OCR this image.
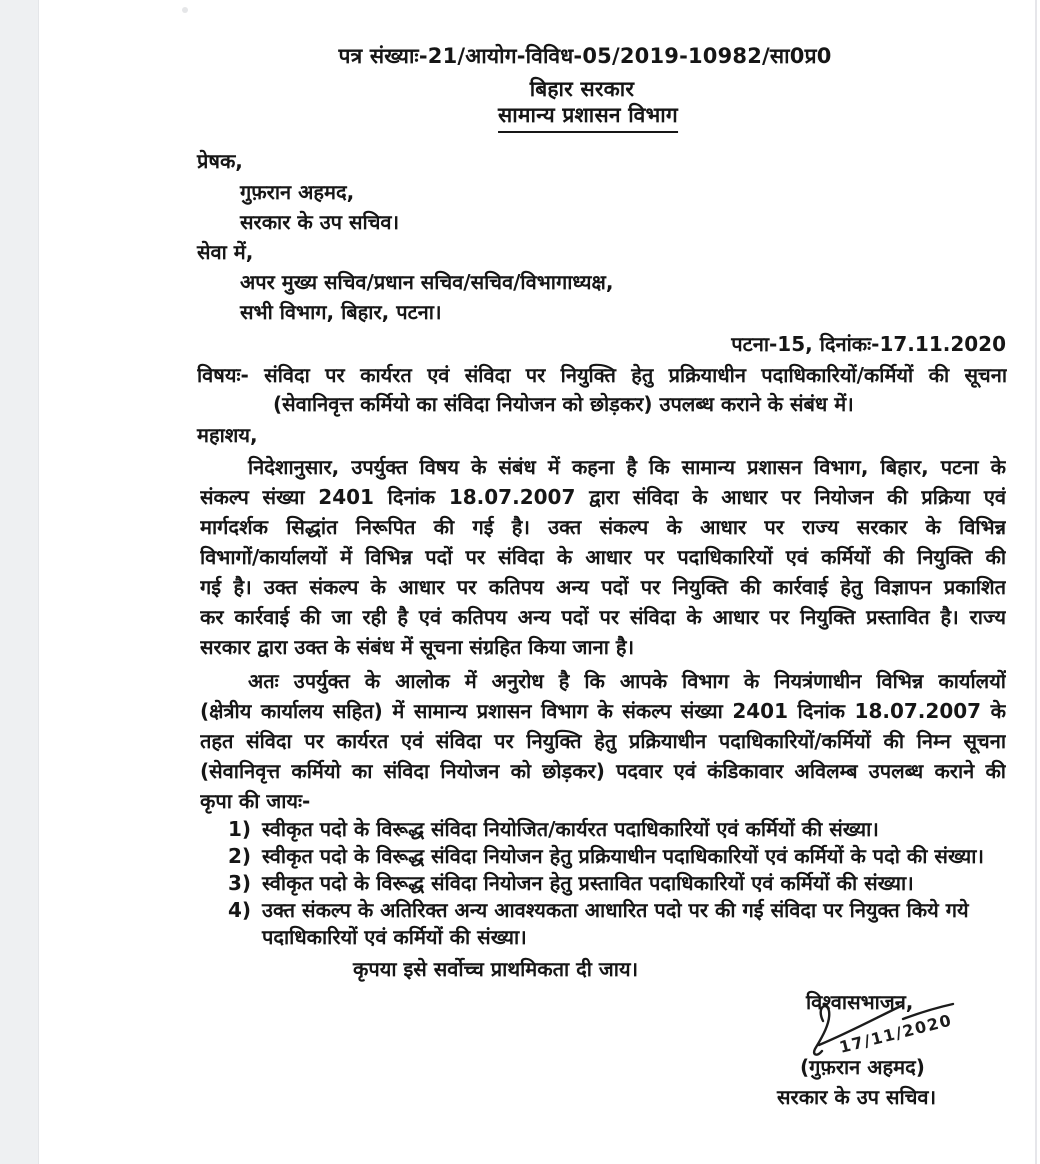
पत्र संख्याः-21/आयोग-विविध-05/2019-10982/सा0प्र0
बिहार सरकार
सामान्य प्रशासन विभाग
प्रेषक,
गुफ़रान अहमद,
सरकार के उप सचिव।
सेवा में,
अपर मुख्य सचिव/प्रधान सचिव/सचिव/विभागाध्यक्ष,
सभी विभाग, बिहार, पटना।
पटना-15, दिनांकः-17.11.2020
विषयः- संविदा पर कार्यरत एवं संविदा पर नियुक्ति हेतु प्रक्रियाधीन पदाधिकारियों/कर्मियों की सूचना
(सेवानिवृत्त कर्मियो का संविदा नियोजन को छोड़कर) उपलब्ध कराने के संबंध में।
महाशय,
निदेशानुसार, उपर्युक्त विषय के संबंध में कहना है कि सामान्य प्रशासन विभाग, बिहार, पटना के
संकल्प संख्या 2401 दिनांक 18.07.2007 द्वारा संविदा के आधार पर नियोजन की प्रक्रिया एवं
मार्गदर्शक सिद्धांत निरूपित की गई है। उक्त संकल्प के आधार पर राज्य सरकार के विभिन्न
विभागों/कार्यालयों में विभिन्न पदों पर संविदा के आधार पर पदाधिकारियों एवं कर्मियों की नियुक्ति की
गई है। उक्त संकल्प के आधार पर कतिपय अन्य पदों पर नियुक्ति की कार्रवाई हेतु विज्ञापन प्रकाशित
कर कार्रवाई की जा रही है एवं कतिपय अन्य पदों पर संविदा के आधार पर नियुक्ति प्रस्तावित है। राज्य
सरकार द्वारा उक्त के संबंध में सूचना संग्रहित किया जाना है।
अतः उपर्युक्त के आलोक में अनुरोध है कि आपके विभाग के नियत्रंणाधीन विभिन्न कार्यालयों
(क्षेत्रीय कार्यालय सहित) में सामान्य प्रशासन विभाग के संकल्प संख्या 2401 दिनांक 18.07.2007 के
तहत संविदा पर कार्यरत एवं संविदा पर नियुक्ति हेतु प्रक्रियाधीन पदाधिकारियों/कर्मियों की निम्न सूचना
(सेवानिवृत्त कर्मियो का संविदा नियोजन को छोड़कर) पदवार एवं कंडिकावार अविलम्ब उपलब्ध कराने की
कृपा की जायः-
1) स्वीकृत पदो के विरूद्ध संविदा नियोजित/कार्यरत पदाधिकारियों एवं कर्मियों की संख्या।
2) स्वीकृत पदो के विरूद्ध संविदा नियोजन हेतु प्रक्रियाधीन पदाधिकारियों एवं कर्मियों के पदो की संख्या।
3) स्वीकृत पदो के विरूद्ध संविदा नियोजन हेतु प्रस्तावित पदाधिकारियों एवं कर्मियों की संख्या।
4) उक्त संकल्प के अतिरिक्त अन्य आवश्यकता आधारित पदो पर की गई संविदा पर नियुक्त किये गये
पदाधिकारियों एवं कर्मियों की संख्या।
कृपया इसे सर्वोच्च प्राथमिकता दी जाय।
विश्वासभाजन,
17/11/2020
(गुफ़रान अहमद)
सरकार के उप सचिव।
